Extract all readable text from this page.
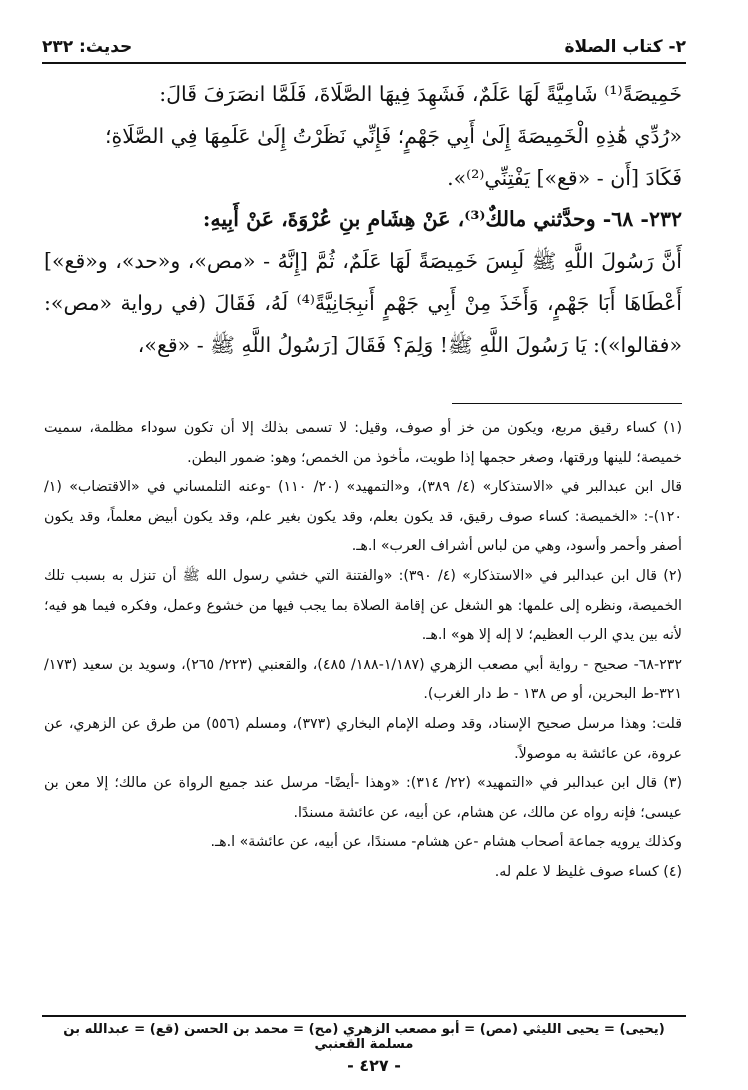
٢- كتاب الصلاة
حديث: ٢٣٢

خَمِيصَةً⁽¹⁾ شَامِيَّةً لَهَا عَلَمٌ، فَشَهِدَ فِيهَا الصَّلَاةَ، فَلَمَّا انصَرَفَ قَالَ:

«رُدِّي هَٰذِهِ الْخَمِيصَةَ إِلَىٰ أَبِي جَهْمٍ؛ فَإِنِّي نَظَرْتُ إِلَىٰ عَلَمِهَا فِي الصَّلَاةِ؛

فَكَادَ [أَن - «قع»] يَفْتِنِّي⁽²⁾».

٢٣٢- ٦٨- وحدَّثني مالكٌ⁽³⁾، عَنْ هِشَامِ بنِ عُرْوَةَ، عَنْ أَبِيهِ:

أَنَّ رَسُولَ اللَّهِ ﷺ لَبِسَ خَمِيصَةً لَهَا عَلَمٌ، ثُمَّ [إِنَّهُ - «مص»، و«حد»، و«قع»] أَعْطَاهَا أَبَا جَهْمٍ، وَأَخَذَ مِنْ أَبِي جَهْمٍ أَنبِجَانِيَّةً⁽⁴⁾ لَهُ، فَقَالَ (في رواية «مص»: «فقالوا»): يَا رَسُولَ اللَّهِ ﷺ! وَلِمَ؟ فَقَالَ [رَسُولُ اللَّهِ ﷺ - «قع»،

(١) كساء رقيق مربع، ويكون من خز أو صوف، وقيل: لا تسمى بذلك إلا أن تكون سوداء مظلمة، سميت خميصة؛ للينها ورقتها، وصغر حجمها إذا طويت، مأخوذ من الخمص؛ وهو: ضمور البطن.

قال ابن عبدالبر في «الاستذكار» (٤/ ٣٨٩)، و«التمهيد» (٢٠/ ١١٠) -وعنه التلمساني في «الاقتضاب» (١/ ١٢٠)-: «الخميصة: كساء صوف رقيق، قد يكون بعلم، وقد يكون بغير علم، وقد يكون أبيض معلماً، وقد يكون أصفر وأحمر وأسود، وهي من لباس أشراف العرب» ا.هـ.

(٢) قال ابن عبدالبر في «الاستذكار» (٤/ ٣٩٠): «والفتنة التي خشي رسول الله ﷺ أن تنزل به بسبب تلك الخميصة، ونظره إلى علمها: هو الشغل عن إقامة الصلاة بما يجب فيها من خشوع وعمل، وفكره فيما هو فيه؛ لأنه بين يدي الرب العظيم؛ لا إله إلا هو» ا.هـ.

٢٣٢-٦٨- صحيح - رواية أبي مصعب الزهري (١/١٨٧-١٨٨/ ٤٨٥)، والقعنبي (٢٢٣/ ٢٦٥)، وسويد بن سعيد (١٧٣/ ٣٢١-ط البحرين، أو ص ١٣٨ - ط دار الغرب).

قلت: وهذا مرسل صحيح الإسناد، وقد وصله الإمام البخاري (٣٧٣)، ومسلم (٥٥٦) من طرق عن الزهري، عن عروة، عن عائشة به موصولاً.

(٣) قال ابن عبدالبر في «التمهيد» (٢٢/ ٣١٤): «وهذا -أيضًا- مرسل عند جميع الرواة عن مالك؛ إلا معن بن عيسى؛ فإنه رواه عن مالك، عن هشام، عن أبيه، عن عائشة مسندًا.

وكذلك يرويه جماعة أصحاب هشام -عن هشام- مسندًا، عن أبيه، عن عائشة» ا.هـ.

(٤) كساء صوف غليظ لا علم له.

(يحيى) = يحيى الليثي (مص) = أبو مصعب الزهري (مح) = محمد بن الحسن (قع) = عبدالله بن مسلمة القعنبي
- ٤٢٧ -
